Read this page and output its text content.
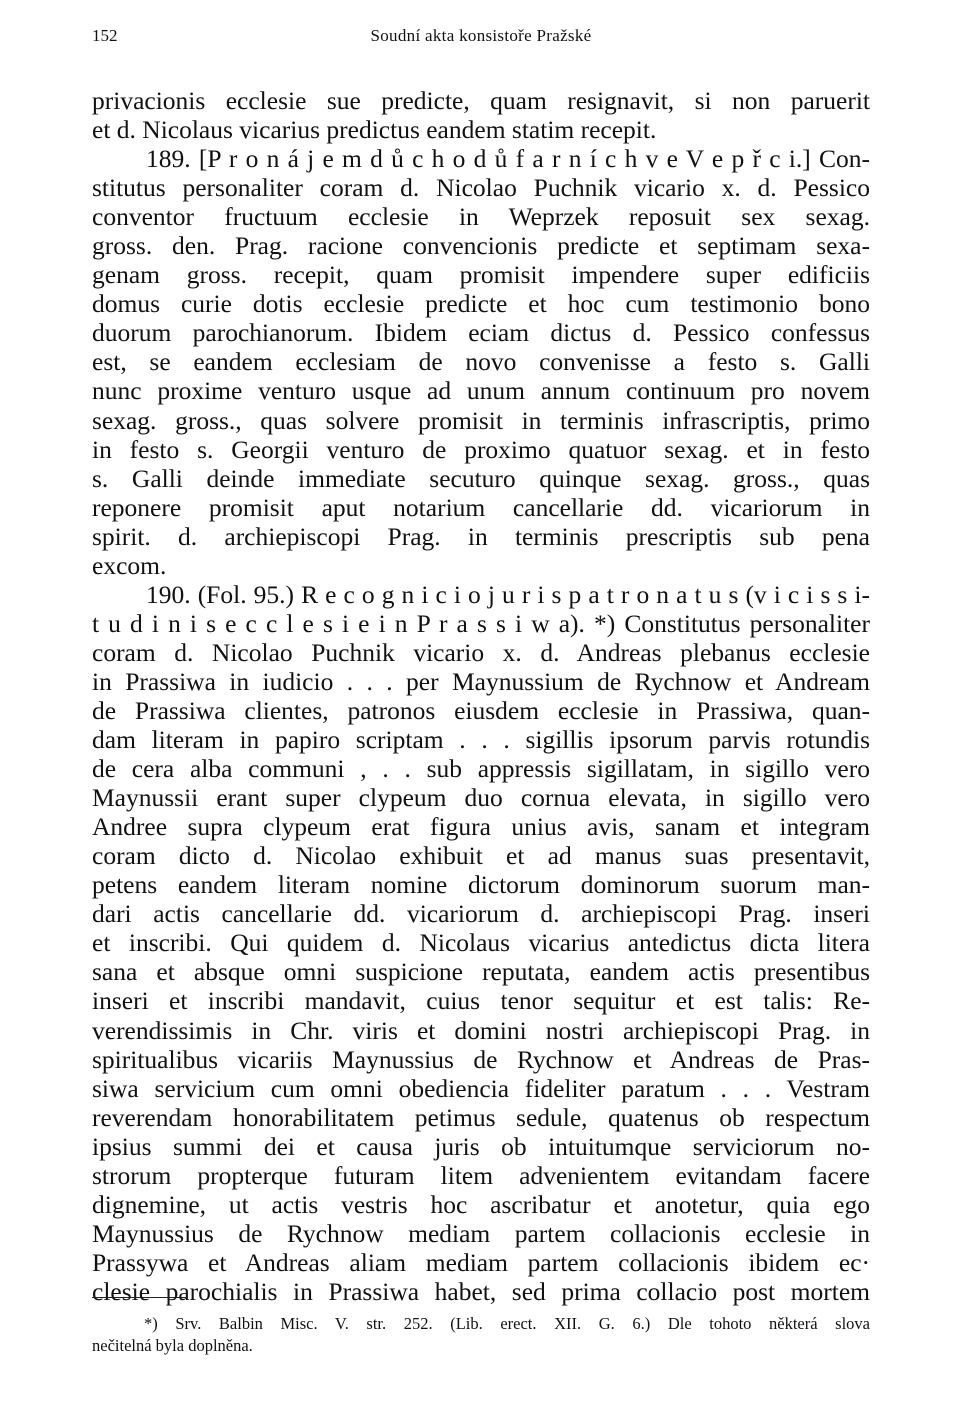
152	Soudní akta konsistoře Pražské
privacionis ecclesie sue predicte, quam resignavit, si non paruerit
et d. Nicolaus vicarius predictus eandem statim recepit.
189. [P r o n á j e m d ů c h o d ů f a r n í c h v e V e p ř c i.] Con-
stitutus personaliter coram d. Nicolao Puchnik vicario x. d. Pessico
conventor fructuum ecclesie in Weprzek reposuit sex sexag.
gross. den. Prag. racione convencionis predicte et septimam sexa-
genam gross. recepit, quam promisit impendere super edificiis
domus curie dotis ecclesie predicte et hoc cum testimonio bono
duorum parochianorum. Ibidem eciam dictus d. Pessico confessus
est, se eandem ecclesiam de novo convenisse a festo s. Galli
nunc proxime venturo usque ad unum annum continuum pro novem
sexag. gross., quas solvere promisit in terminis infrascriptis, primo
in festo s. Georgii venturo de proximo quatuor sexag. et in festo
s. Galli deinde immediate secuturo quinque sexag. gross., quas
reponere promisit aput notarium cancellarie dd. vicariorum in
spirit. d. archiepiscopi Prag. in terminis prescriptis sub pena
excom.
190. (Fol. 95.) R e c o g n i c i o j u r i s p a t r o n a t u s (v i c i s s i-
t u d i n i s e c c l e s i e i n P r a s s i w a). *) Constitutus personaliter
coram d. Nicolao Puchnik vicario x. d. Andreas plebanus ecclesie
in Prassiwa in iudicio . . . per Maynussium de Rychnow et Andream
de Prassiwa clientes, patronos eiusdem ecclesie in Prassiwa, quan-
dam literam in papiro scriptam . . . sigillis ipsorum parvis rotundis
de cera alba communi , . . sub appressis sigillatam, in sigillo vero
Maynussii erant super clypeum duo cornua elevata, in sigillo vero
Andree supra clypeum erat figura unius avis, sanam et integram
coram dicto d. Nicolao exhibuit et ad manus suas presentavit,
petens eandem literam nomine dictorum dominorum suorum man-
dari actis cancellarie dd. vicariorum d. archiepiscopi Prag. inseri
et inscribi. Qui quidem d. Nicolaus vicarius antedictus dicta litera
sana et absque omni suspicione reputata, eandem actis presentibus
inseri et inscribi mandavit, cuius tenor sequitur et est talis: Re-
verendissimis in Chr. viris et domini nostri archiepiscopi Prag. in
spiritualibus vicariis Maynussius de Rychnow et Andreas de Pras-
siwa servicium cum omni obediencia fideliter paratum . . . Vestram
reverendam honorabilitatem petimus sedule, quatenus ob respectum
ipsius summi dei et causa juris ob intuitumque serviciorum no-
strorum propterque futuram litem advenientem evitandam facere
dignemine, ut actis vestris hoc ascribatur et anotetur, quia ego
Maynussius de Rychnow mediam partem collacionis ecclesie in
Prassywa et Andreas aliam mediam partem collacionis ibidem ec·
clesie parochialis in Prassiwa habet, sed prima collacio post mortem
*) Srv. Balbin Misc. V. str. 252. (Lib. erect. XII. G. 6.) Dle tohoto některá slova
nečitelná byla doplněna.
